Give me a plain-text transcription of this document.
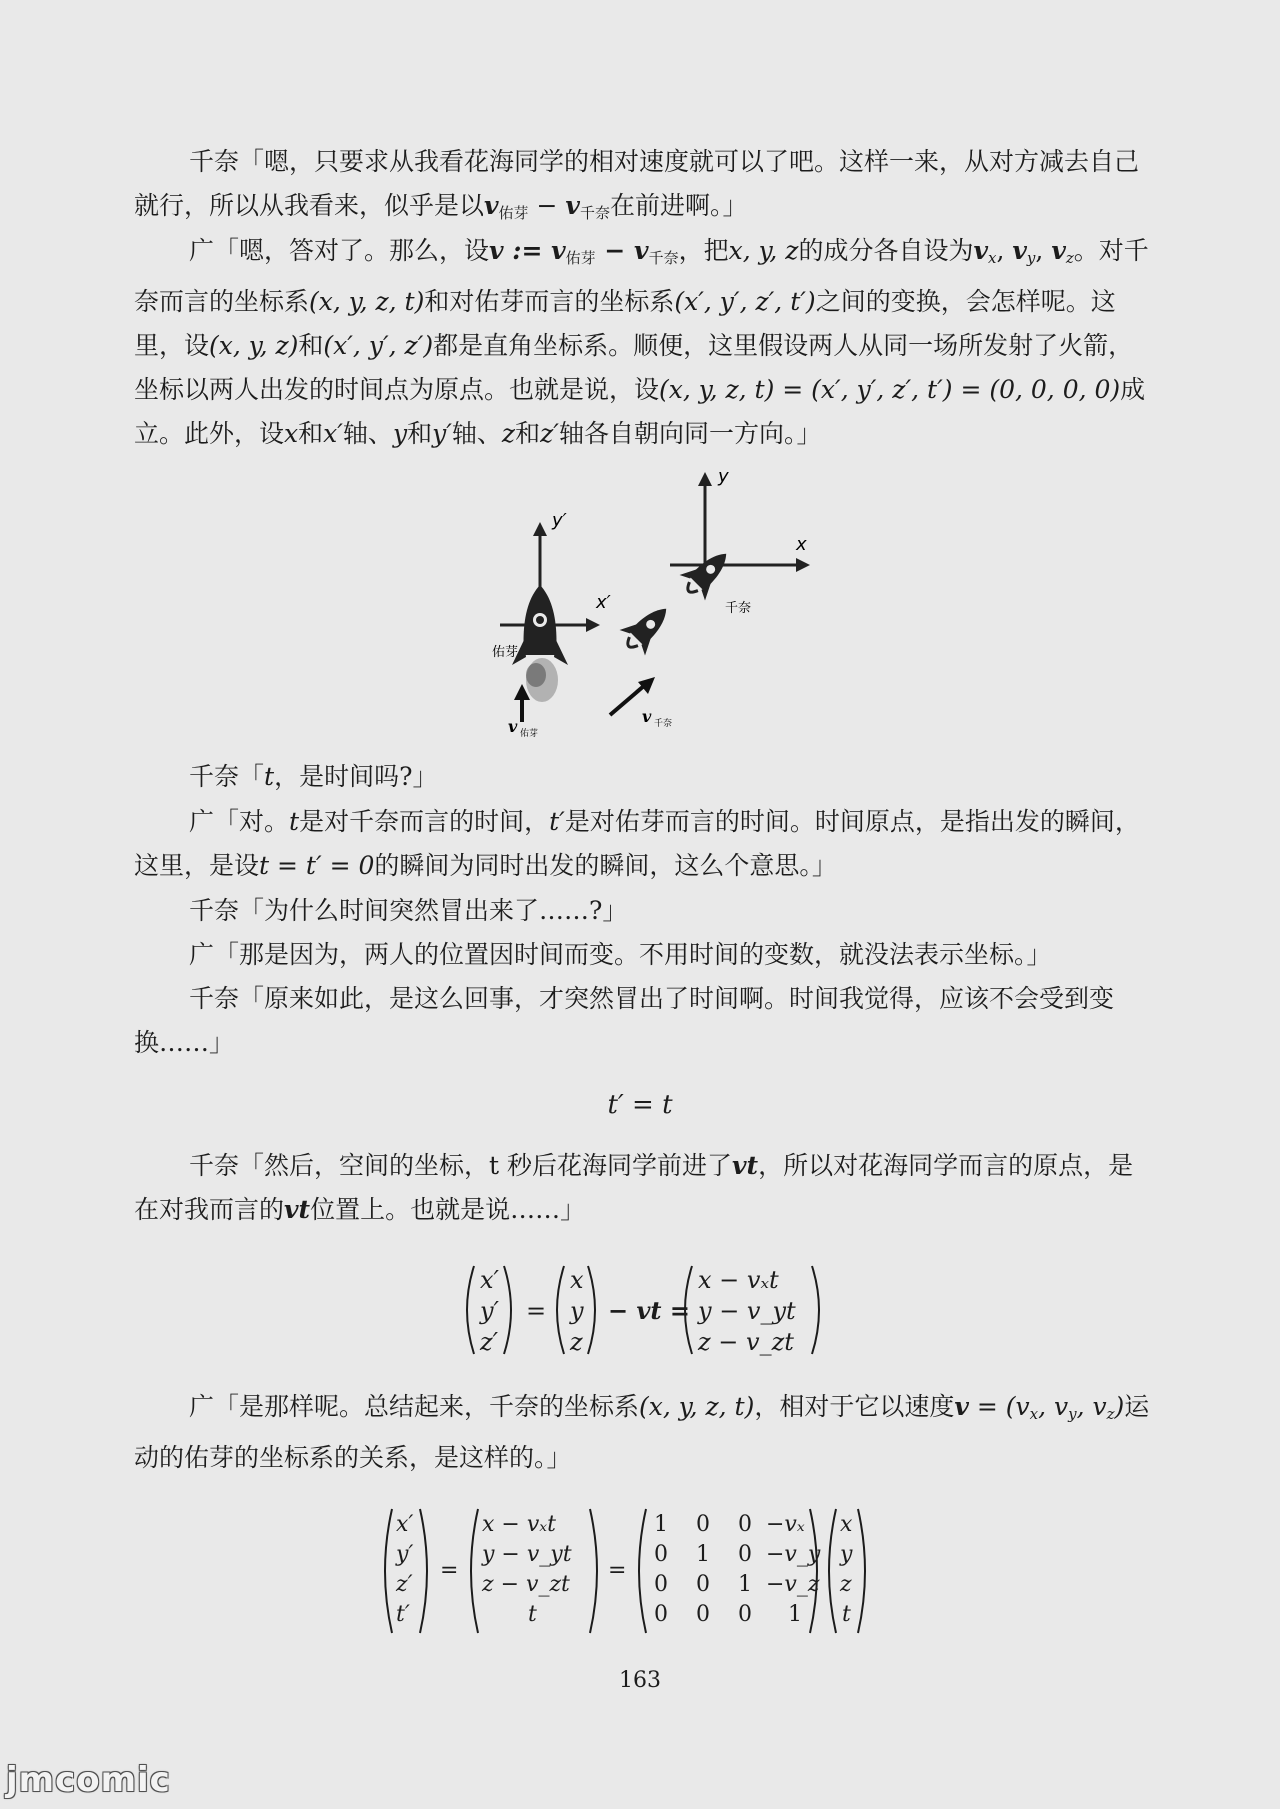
千奈「嗯，只要求从我看花海同学的相对速度就可以了吧。这样一来，从对方减去自己就行，所以从我看来，似乎是以$v_{佑芽} - v_{千奈}$在前进啊。」

广「嗯，答对了。那么，设v := $v_{佑芽} - v_{千奈}$，把x, y, z的成分各自设为$v_x$, $v_y$, $v_z$。对千奈而言的坐标系(x, y, z, t)和对佑芽而言的坐标系(x′, y′, z′, t′)之间的变换，会怎样呢。这里，设(x, y, z)和(x′, y′, z′)都是直角坐标系。顺便，这里假设两人从同一场所发射了火箭，坐标以两人出发的时间点为原点。也就是说，设(x, y, z, t) = (x′, y′, z′, t′) = (0, 0, 0, 0)成立。此外，设x和x′轴、y和y′轴、z和z′轴各自朝向同一方向。」

y′
x′
佑芽
y
x
千奈
v 佑芽
v 千奈

千奈「t，是时间吗?」

广「对。t是对千奈而言的时间，t′是对佑芽而言的时间。时间原点，是指出发的瞬间，这里，是设t = t′ = 0的瞬间为同时出发的瞬间，这么个意思。」

千奈「为什么时间突然冒出来了……?」

广「那是因为，两人的位置因时间而变。不用时间的变数，就没法表示坐标。」

千奈「原来如此，是这么回事，才突然冒出了时间啊。时间我觉得，应该不会受到变换……」

t′ = t

千奈「然后，空间的坐标，t 秒后花海同学前进了vt，所以对花海同学而言的原点，是在对我而言的vt位置上。也就是说……」

x′
y′
z′
=
x
y
z
− vt =
x − vₓt
y − v_yt
z − v_zt

广「是那样呢。总结起来，千奈的坐标系(x, y, z, t)，相对于它以速度$v = (v_x$, $v_y$, $v_z$)运动的佑芽的坐标系的关系，是这样的。」

x′
y′
z′
t′
=
x − vₓt
y − v_yt
z − v_zt
t
=
1 0 0
0 1 0
0 0 1
0 0 0 1
−vₓ
−v_y
−v_z
x
y
z
t
163
jmcomic
